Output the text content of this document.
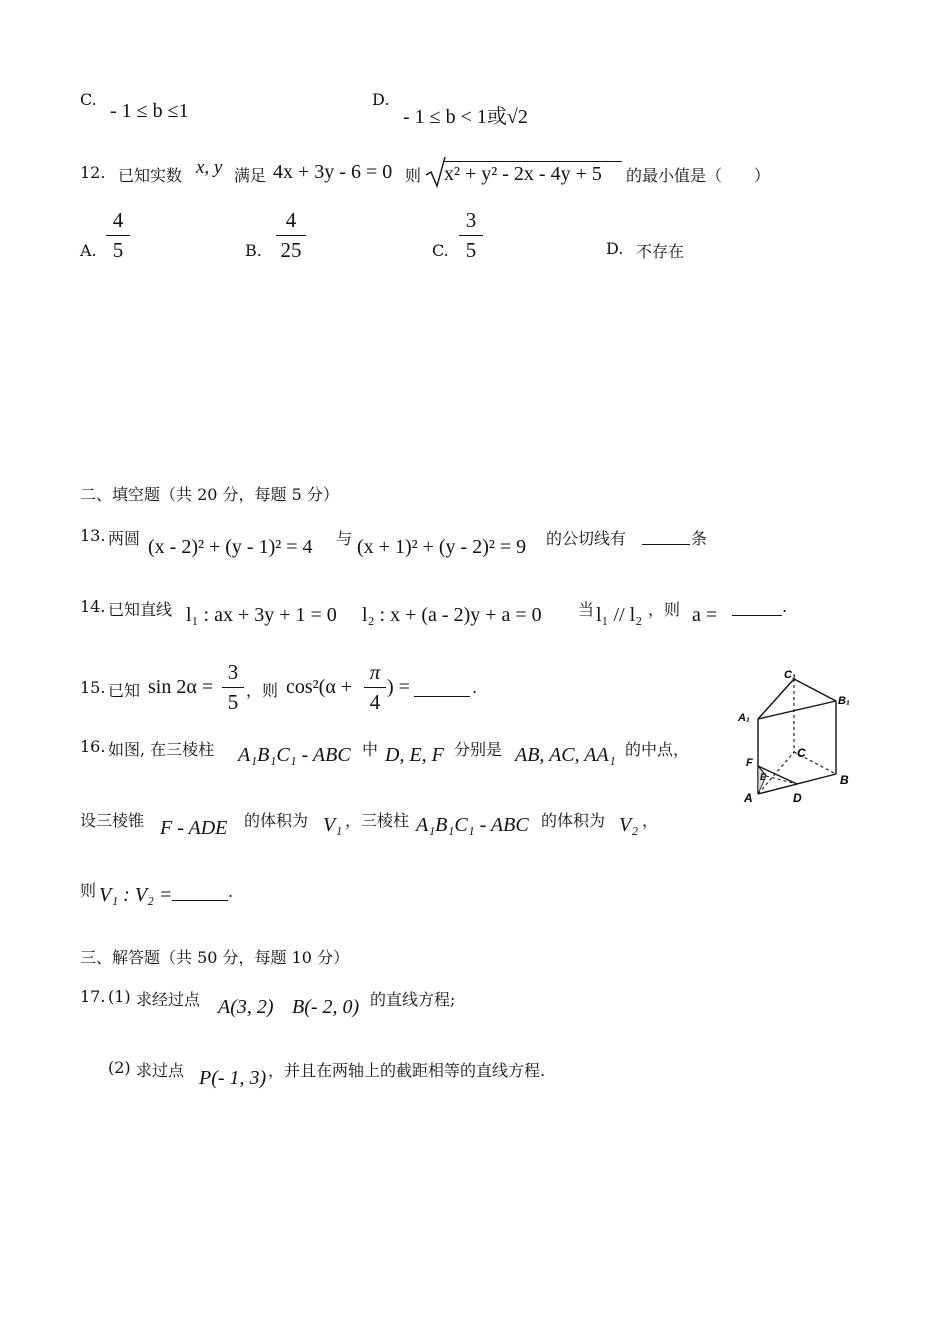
C.
- 1 ≤ b ≤1
D.
- 1 ≤ b < 1或√2
12. 已知实数 x, y 满足 4x + 3y - 6 = 0 则 x² + y² - 2x - 4y + 5	的最小值是（　　）
A.
4
5	B.
4
25	C.
3
5	D. 不存在
二、填空题（共 20 分，每题 5 分）
13. 两圆 (x - 2)² + (y - 1)² = 4 与 (x + 1)² + (y - 2)² = 9 的公切线有	条
14. 已知直线 l₁ : ax + 3y + 1 = 0 l₂ : x + (a - 2)y + a = 0 当 l₁ // l₂ ，则 a =	.
15. 已知 sin 2α =
3
5 ，则 cos²(α +
π
4
) =	.
16. 如图, 在三棱柱 A₁B₁C₁ - ABC 中 D, E, F 分别是 AB, AC, AA₁ 的中点，
设三棱锥 F - ADE 的体积为 V₁ ，三棱柱 A₁B₁C₁ - ABC 的体积为 V₂ ，
则 V₁ : V₂ =	.
C₁
B₁
A₁
C
B
F
E
A	D
三、解答题（共 50 分，每题 10 分）
17. (1) 求经过点 A(3, 2) B(- 2, 0) 的直线方程;
(2) 求过点 P(- 1, 3) ，并且在两轴上的截距相等的直线方程.
